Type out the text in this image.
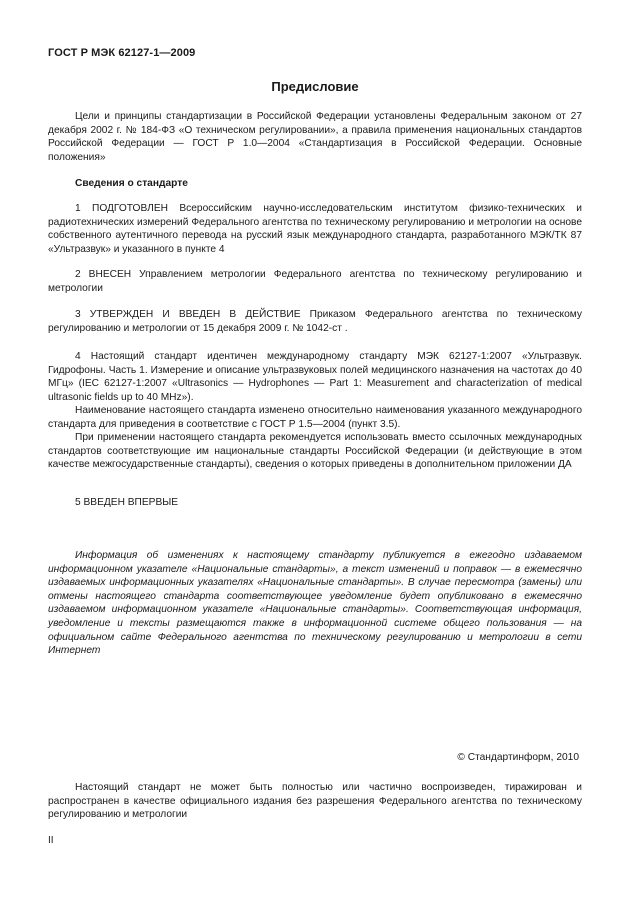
ГОСТ Р МЭК 62127-1—2009
Предисловие

Цели и принципы стандартизации в Российской Федерации установлены Федеральным законом от 27 декабря 2002 г. № 184-ФЗ «О техническом регулировании», а правила применения национальных стандартов Российской Федерации — ГОСТ Р 1.0—2004 «Стандартизация в Российской Федерации. Основные положения»

Сведения о стандарте

1 ПОДГОТОВЛЕН Всероссийским научно-исследовательским институтом физико-технических и радиотехнических измерений Федерального агентства по техническому регулированию и метрологии на основе собственного аутентичного перевода на русский язык международного стандарта, разработанного МЭК/ТК 87 «Ультразвук» и указанного в пункте 4

2 ВНЕСЕН Управлением метрологии Федерального агентства по техническому регулированию и метрологии

3 УТВЕРЖДЕН И ВВЕДЕН В ДЕЙСТВИЕ Приказом Федерального агентства по техническому регулированию и метрологии от 15 декабря 2009 г. № 1042-ст .

4 Настоящий стандарт идентичен международному стандарту МЭК 62127-1:2007 «Ультразвук. Гидрофоны. Часть 1. Измерение и описание ультразвуковых полей медицинского назначения на частотах до 40 МГц» (IEC 62127-1:2007 «Ultrasonics — Hydrophones — Part 1: Measurement and characterization of medical ultrasonic fields up to 40 MHz»).

Наименование настоящего стандарта изменено относительно наименования указанного международного стандарта для приведения в соответствие с ГОСТ Р 1.5—2004 (пункт 3.5).

При применении настоящего стандарта рекомендуется использовать вместо ссылочных международных стандартов соответствующие им национальные стандарты Российской Федерации (и действующие в этом качестве межгосударственные стандарты), сведения о которых приведены в дополнительном приложении ДА

5 ВВЕДЕН ВПЕРВЫЕ

Информация об изменениях к настоящему стандарту публикуется в ежегодно издаваемом информационном указателе «Национальные стандарты», а текст изменений и поправок — в ежемесячно издаваемых информационных указателях «Национальные стандарты». В случае пересмотра (замены) или отмены настоящего стандарта соответствующее уведомление будет опубликовано в ежемесячно издаваемом информационном указателе «Национальные стандарты». Соответствующая информация, уведомление и тексты размещаются также в информационной системе общего пользования — на официальном сайте Федерального агентства по техническому регулированию и метрологии в сети Интернет

© Стандартинформ, 2010

Настоящий стандарт не может быть полностью или частично воспроизведен, тиражирован и распространен в качестве официального издания без разрешения Федерального агентства по техническому регулированию и метрологии

II
